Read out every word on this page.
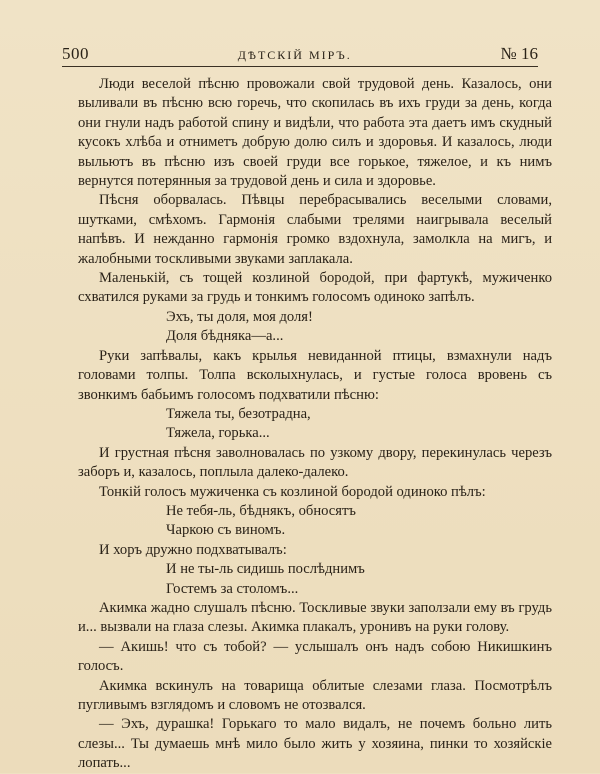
500	ДѢТСКІЙ МІРЪ.	№ 16

Люди веселой пѣсню провожали свой трудовой день. Казалось, они выливали въ пѣсню всю горечь, что скопилась въ ихъ груди за день, когда они гнули надъ работой спину и видѣли, что работа эта даетъ имъ скудный кусокъ хлѣба и отниметъ добрую долю силъ и здоровья. И казалось, люди выльютъ въ пѣсню изъ своей груди все горькое, тяжелое, и къ нимъ вернутся потерянныя за трудовой день и сила и здоровье.

Пѣсня оборвалась. Пѣвцы перебрасывались веселыми словами, шутками, смѣхомъ. Гармонія слабыми трелями наигрывала веселый напѣвъ. И нежданно гармонія громко вздохнула, замолкла на мигъ, и жалобными тоскливыми звуками заплакала.

Маленькій, съ тощей козлиной бородой, при фартукѣ, мужиченко схватился руками за грудь и тонкимъ голосомъ одиноко запѣлъ.

Эхъ, ты доля, моя доля!
Доля бѣдняка—а...

Руки запѣвалы, какъ крылья невиданной птицы, взмахнули надъ головами толпы. Толпа всколыхнулась, и густые голоса вровень съ звонкимъ бабьимъ голосомъ подхватили пѣсню:

Тяжела ты, безотрадна,
Тяжела, горька...

И грустная пѣсня заволновалась по узкому двору, перекинулась черезъ заборъ и, казалось, поплыла далеко-далеко.

Тонкій голосъ мужиченка съ козлиной бородой одиноко пѣлъ:

Не тебя-ль, бѣднякъ, обносятъ
Чаркою съ виномъ.

И хоръ дружно подхватывалъ:

И не ты-ль сидишь послѣднимъ
Гостемъ за столомъ...

Акимка жадно слушалъ пѣсню. Тоскливые звуки заползали ему въ грудь и... вызвали на глаза слезы. Акимка плакалъ, уронивъ на руки голову.

— Акишь! что съ тобой? — услышалъ онъ надъ собою Никишкинъ голосъ.

Акимка вскинулъ на товарища облитые слезами глаза. Посмотрѣлъ пугливымъ взглядомъ и словомъ не отозвался.

— Эхъ, дурашка! Горькаго то мало видалъ, не почемъ больно лить слезы... Ты думаешь мнѣ мило было жить у хозяина, пинки то хозяйскіе лопать...
